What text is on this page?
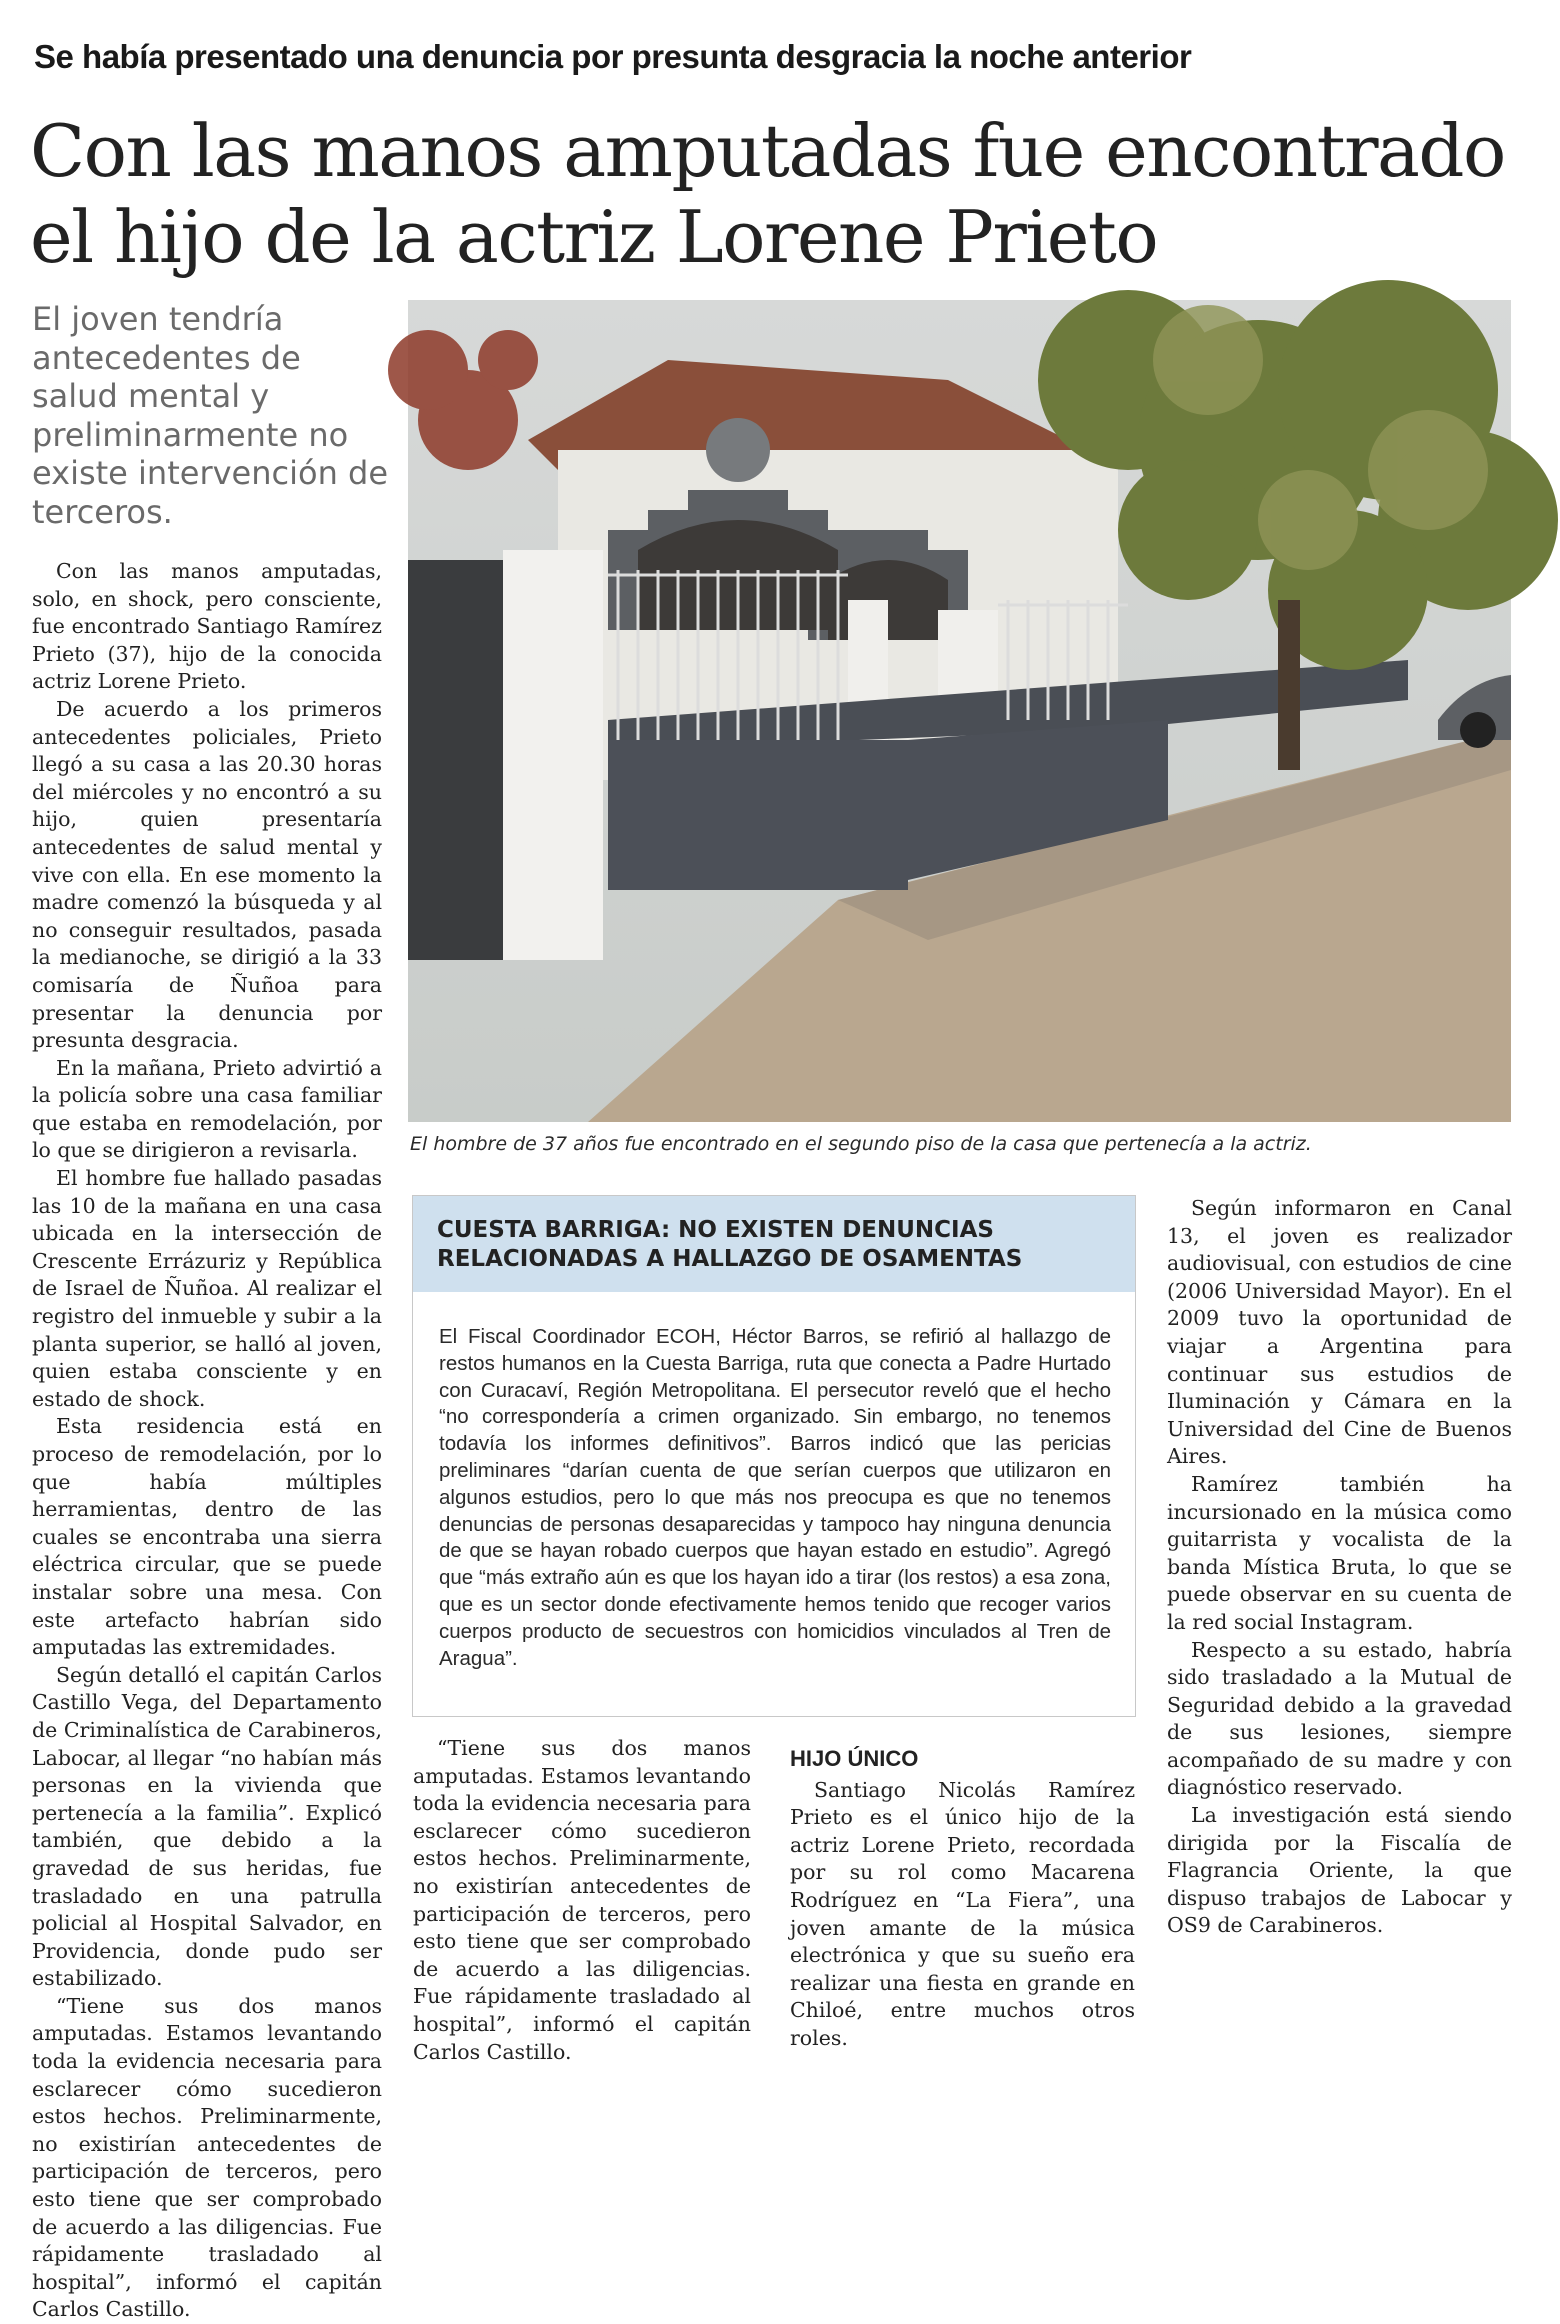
Se había presentado una denuncia por presunta desgracia la noche anterior
Con las manos amputadas fue encontrado el hijo de la actriz Lorene Prieto
El joven tendría antecedentes de salud mental y preliminarmente no existe intervención de terceros.

Con las manos amputadas, solo, en shock, pero consciente, fue encontrado Santiago Ramírez Prieto (37), hijo de la conocida actriz Lorene Prieto.

De acuerdo a los primeros antecedentes policiales, Prieto llegó a su casa a las 20.30 horas del miércoles y no encontró a su hijo, quien presentaría antecedentes de salud mental y vive con ella. En ese momento la madre comenzó la búsqueda y al no conseguir resultados, pasada la medianoche, se dirigió a la 33 comisaría de Ñuñoa para presentar la denuncia por presunta desgracia.

En la mañana, Prieto advirtió a la policía sobre una casa familiar que estaba en remodelación, por lo que se dirigieron a revisarla.

El hombre fue hallado pasadas las 10 de la mañana en una casa ubicada en la intersección de Crescente Errázuriz y República de Israel de Ñuñoa. Al realizar el registro del inmueble y subir a la planta superior, se halló al joven, quien estaba consciente y en estado de shock.

Esta residencia está en proceso de remodelación, por lo que había múltiples herramientas, dentro de las cuales se encontraba una sierra eléctrica circular, que se puede instalar sobre una mesa. Con este artefacto habrían sido amputadas las extremidades.

Según detalló el capitán Carlos Castillo Vega, del Departamento de Criminalística de Carabineros, Labocar, al llegar “no habían más personas en la vivienda que pertenecía a la familia”. Explicó también, que debido a la gravedad de sus heridas, fue trasladado en una patrulla policial al Hospital Salvador, en Providencia, donde pudo ser estabilizado.

“Tiene sus dos manos amputadas. Estamos levantando toda la evidencia necesaria para esclarecer cómo sucedieron estos hechos. Preliminarmente, no existirían antecedentes de participación de terceros, pero esto tiene que ser comprobado de acuerdo a las diligencias. Fue rápidamente trasladado al hospital”, informó el capitán Carlos Castillo.

El hombre de 37 años fue encontrado en el segundo piso de la casa que pertenecía a la actriz.
CUESTA BARRIGA: NO EXISTEN DENUNCIAS RELACIONADAS A HALLAZGO DE OSAMENTAS
El Fiscal Coordinador ECOH, Héctor Barros, se refirió al hallazgo de restos humanos en la Cuesta Barriga, ruta que conecta a Padre Hurtado con Curacaví, Región Metropolitana. El persecutor reveló que el hecho “no correspondería a crimen organizado. Sin embargo, no tenemos todavía los informes definitivos”. Barros indicó que las pericias preliminares “darían cuenta de que serían cuerpos que utilizaron en algunos estudios, pero lo que más nos preocupa es que no tenemos denuncias de personas desaparecidas y tampoco hay ninguna denuncia de que se hayan robado cuerpos que hayan estado en estudio”. Agregó que “más extraño aún es que los hayan ido a tirar (los restos) a esa zona, que es un sector donde efectivamente hemos tenido que recoger varios cuerpos producto de secuestros con homicidios vinculados al Tren de Aragua”.

“Tiene sus dos manos amputadas. Estamos levantando toda la evidencia necesaria para esclarecer cómo sucedieron estos hechos. Preliminarmente, no existirían antecedentes de participación de terceros, pero esto tiene que ser comprobado de acuerdo a las diligencias. Fue rápidamente trasladado al hospital”, informó el capitán Carlos Castillo.

HIJO ÚNICO

Santiago Nicolás Ramírez Prieto es el único hijo de la actriz Lorene Prieto, recordada por su rol como Macarena Rodríguez en “La Fiera”, una joven amante de la música electrónica y que su sueño era realizar una fiesta en grande en Chiloé, entre muchos otros roles.

Según informaron en Canal 13, el joven es realizador audiovisual, con estudios de cine (2006 Universidad Mayor). En el 2009 tuvo la oportunidad de viajar a Argentina para continuar sus estudios de Iluminación y Cámara en la Universidad del Cine de Buenos Aires.

Ramírez también ha incursionado en la música como guitarrista y vocalista de la banda Mística Bruta, lo que se puede observar en su cuenta de la red social Instagram.

Respecto a su estado, habría sido trasladado a la Mutual de Seguridad debido a la gravedad de sus lesiones, siempre acompañado de su madre y con diagnóstico reservado.

La investigación está siendo dirigida por la Fiscalía de Flagrancia Oriente, la que dispuso trabajos de Labocar y OS9 de Carabineros.
